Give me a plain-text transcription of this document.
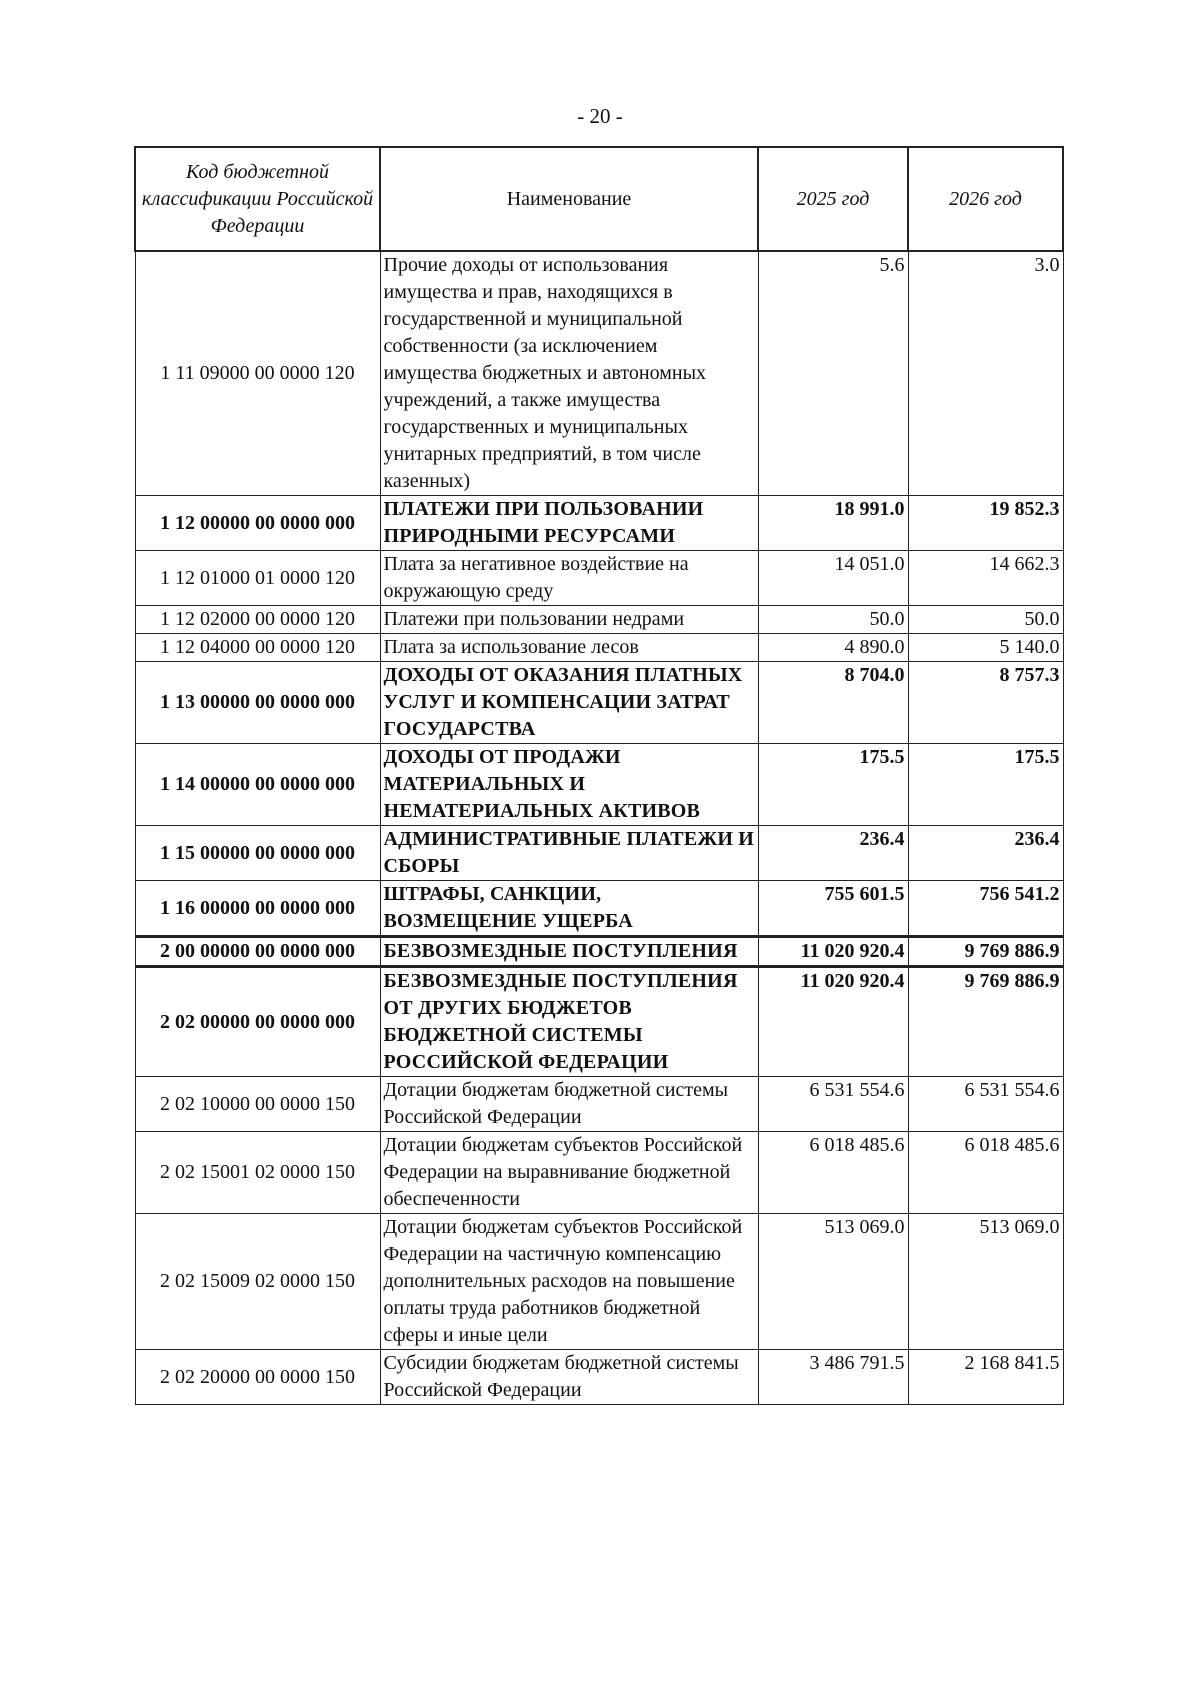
- 20 -
Код бюджетной классификации Российской Федерации	Наименование	2025 год	2026 год
1 11 09000 00 0000 120	Прочие доходы от использования имущества и прав, находящихся в государственной и муниципальной собственности (за исключением имущества бюджетных и автономных учреждений, а также имущества государственных и муниципальных унитарных предприятий, в том числе казенных)	5.6	3.0
1 12 00000 00 0000 000	ПЛАТЕЖИ ПРИ ПОЛЬЗОВАНИИ ПРИРОДНЫМИ РЕСУРСАМИ	18 991.0	19 852.3
1 12 01000 01 0000 120	Плата за негативное воздействие на окружающую среду	14 051.0	14 662.3
1 12 02000 00 0000 120	Платежи при пользовании недрами	50.0	50.0
1 12 04000 00 0000 120	Плата за использование лесов	4 890.0	5 140.0
1 13 00000 00 0000 000	ДОХОДЫ ОТ ОКАЗАНИЯ ПЛАТНЫХ УСЛУГ И КОМПЕНСАЦИИ ЗАТРАТ ГОСУДАРСТВА	8 704.0	8 757.3
1 14 00000 00 0000 000	ДОХОДЫ ОТ ПРОДАЖИ МАТЕРИАЛЬНЫХ И НЕМАТЕРИАЛЬНЫХ АКТИВОВ	175.5	175.5
1 15 00000 00 0000 000	АДМИНИСТРАТИВНЫЕ ПЛАТЕЖИ И СБОРЫ	236.4	236.4
1 16 00000 00 0000 000	ШТРАФЫ, САНКЦИИ, ВОЗМЕЩЕНИЕ УЩЕРБА	755 601.5	756 541.2
2 00 00000 00 0000 000	БЕЗВОЗМЕЗДНЫЕ ПОСТУПЛЕНИЯ	11 020 920.4	9 769 886.9
2 02 00000 00 0000 000	БЕЗВОЗМЕЗДНЫЕ ПОСТУПЛЕНИЯ ОТ ДРУГИХ БЮДЖЕТОВ БЮДЖЕТНОЙ СИСТЕМЫ РОССИЙСКОЙ ФЕДЕРАЦИИ	11 020 920.4	9 769 886.9
2 02 10000 00 0000 150	Дотации бюджетам бюджетной системы Российской Федерации	6 531 554.6	6 531 554.6
2 02 15001 02 0000 150	Дотации бюджетам субъектов Российской Федерации на выравнивание бюджетной обеспеченности	6 018 485.6	6 018 485.6
2 02 15009 02 0000 150	Дотации бюджетам субъектов Российской Федерации на частичную компенсацию дополнительных расходов на повышение оплаты труда работников бюджетной сферы и иные цели	513 069.0	513 069.0
2 02 20000 00 0000 150	Субсидии бюджетам бюджетной системы Российской Федерации	3 486 791.5	2 168 841.5
